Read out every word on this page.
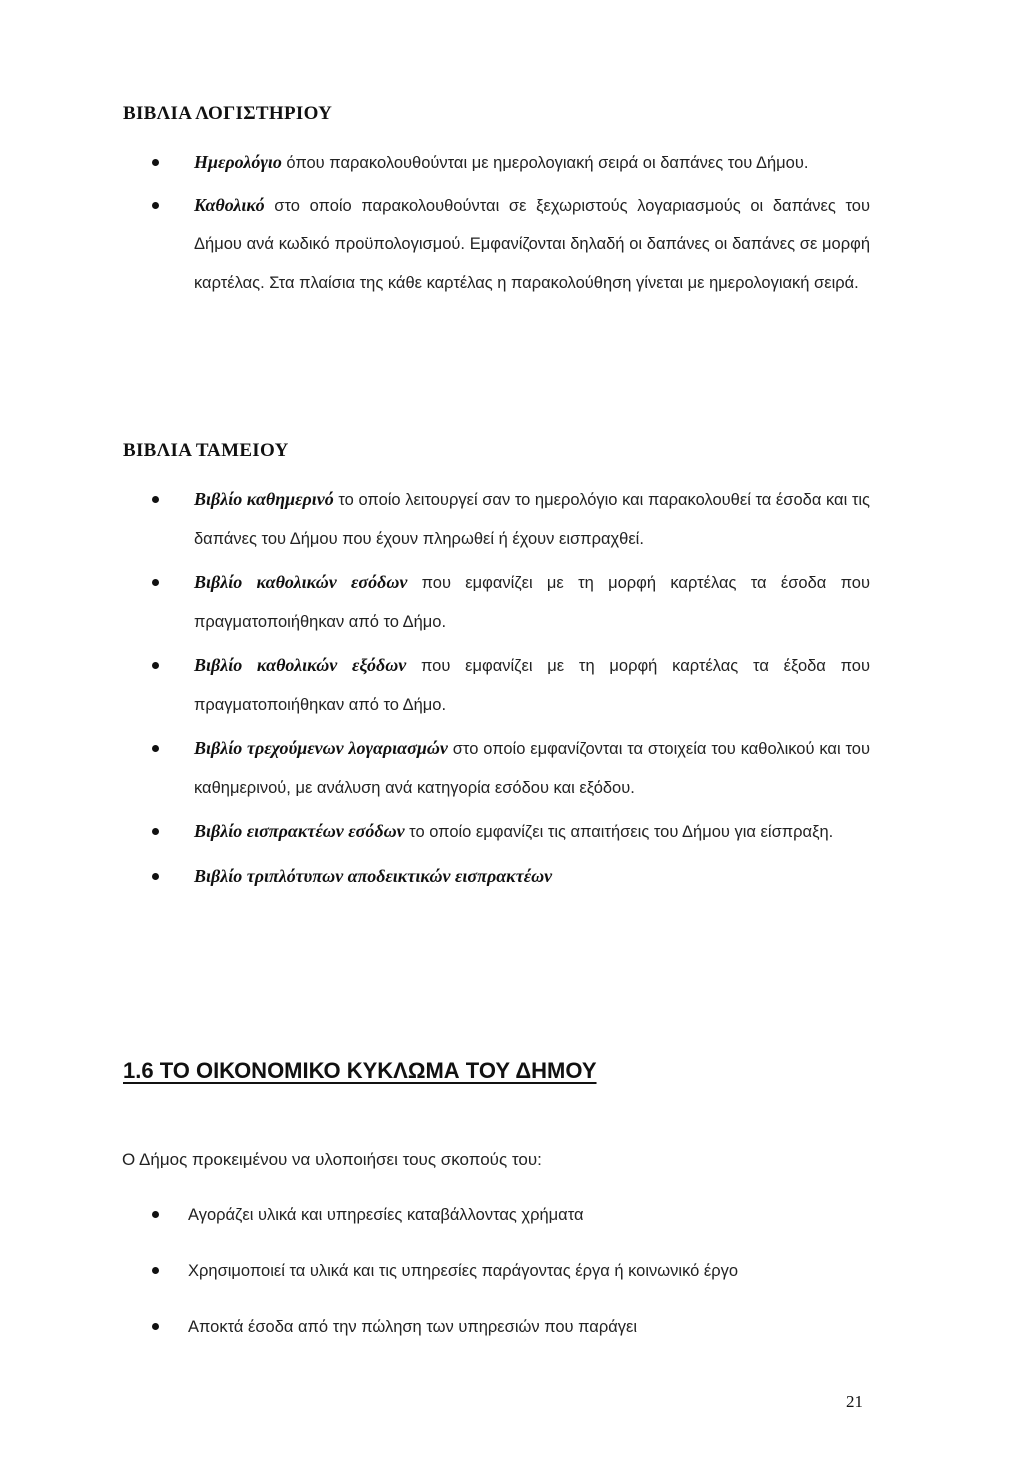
ΒΙΒΛΙΑ ΛΟΓΙΣΤΗΡΙΟΥ
Ημερολόγιο όπου παρακολουθούνται με ημερολογιακή σειρά οι δαπάνες του Δήμου.
Καθολικό στο οποίο παρακολουθούνται σε ξεχωριστούς λογαριασμούς οι δαπάνες του Δήμου ανά κωδικό προϋπολογισμού. Εμφανίζονται δηλαδή οι δαπάνες οι δαπάνες σε μορφή καρτέλας. Στα πλαίσια της κάθε καρτέλας η παρακολούθηση γίνεται με ημερολογιακή σειρά.
ΒΙΒΛΙΑ ΤΑΜΕΙΟΥ
Βιβλίο καθημερινό το οποίο λειτουργεί σαν το ημερολόγιο και παρακολουθεί τα έσοδα και τις δαπάνες του Δήμου που έχουν πληρωθεί ή έχουν εισπραχθεί.
Βιβλίο καθολικών εσόδων που εμφανίζει με τη μορφή καρτέλας τα έσοδα που πραγματοποιήθηκαν από το Δήμο.
Βιβλίο καθολικών εξόδων που εμφανίζει με τη μορφή καρτέλας τα έξοδα που πραγματοποιήθηκαν από το Δήμο.
Βιβλίο τρεχούμενων λογαριασμών στο οποίο εμφανίζονται τα στοιχεία του καθολικού και του καθημερινού, με ανάλυση ανά κατηγορία εσόδου και εξόδου.
Βιβλίο εισπρακτέων εσόδων το οποίο εμφανίζει τις απαιτήσεις του Δήμου για είσπραξη.
Βιβλίο τριπλότυπων αποδεικτικών εισπρακτέων
1.6 ΤΟ ΟΙΚΟΝΟΜΙΚΟ ΚΥΚΛΩΜΑ ΤΟΥ ΔΗΜΟΥ

Ο Δήμος προκειμένου να υλοποιήσει τους σκοπούς του:

Αγοράζει υλικά και υπηρεσίες καταβάλλοντας χρήματα
Χρησιμοποιεί τα υλικά και τις υπηρεσίες παράγοντας έργα ή κοινωνικό έργο
Αποκτά έσοδα από την πώληση των υπηρεσιών που παράγει

21
